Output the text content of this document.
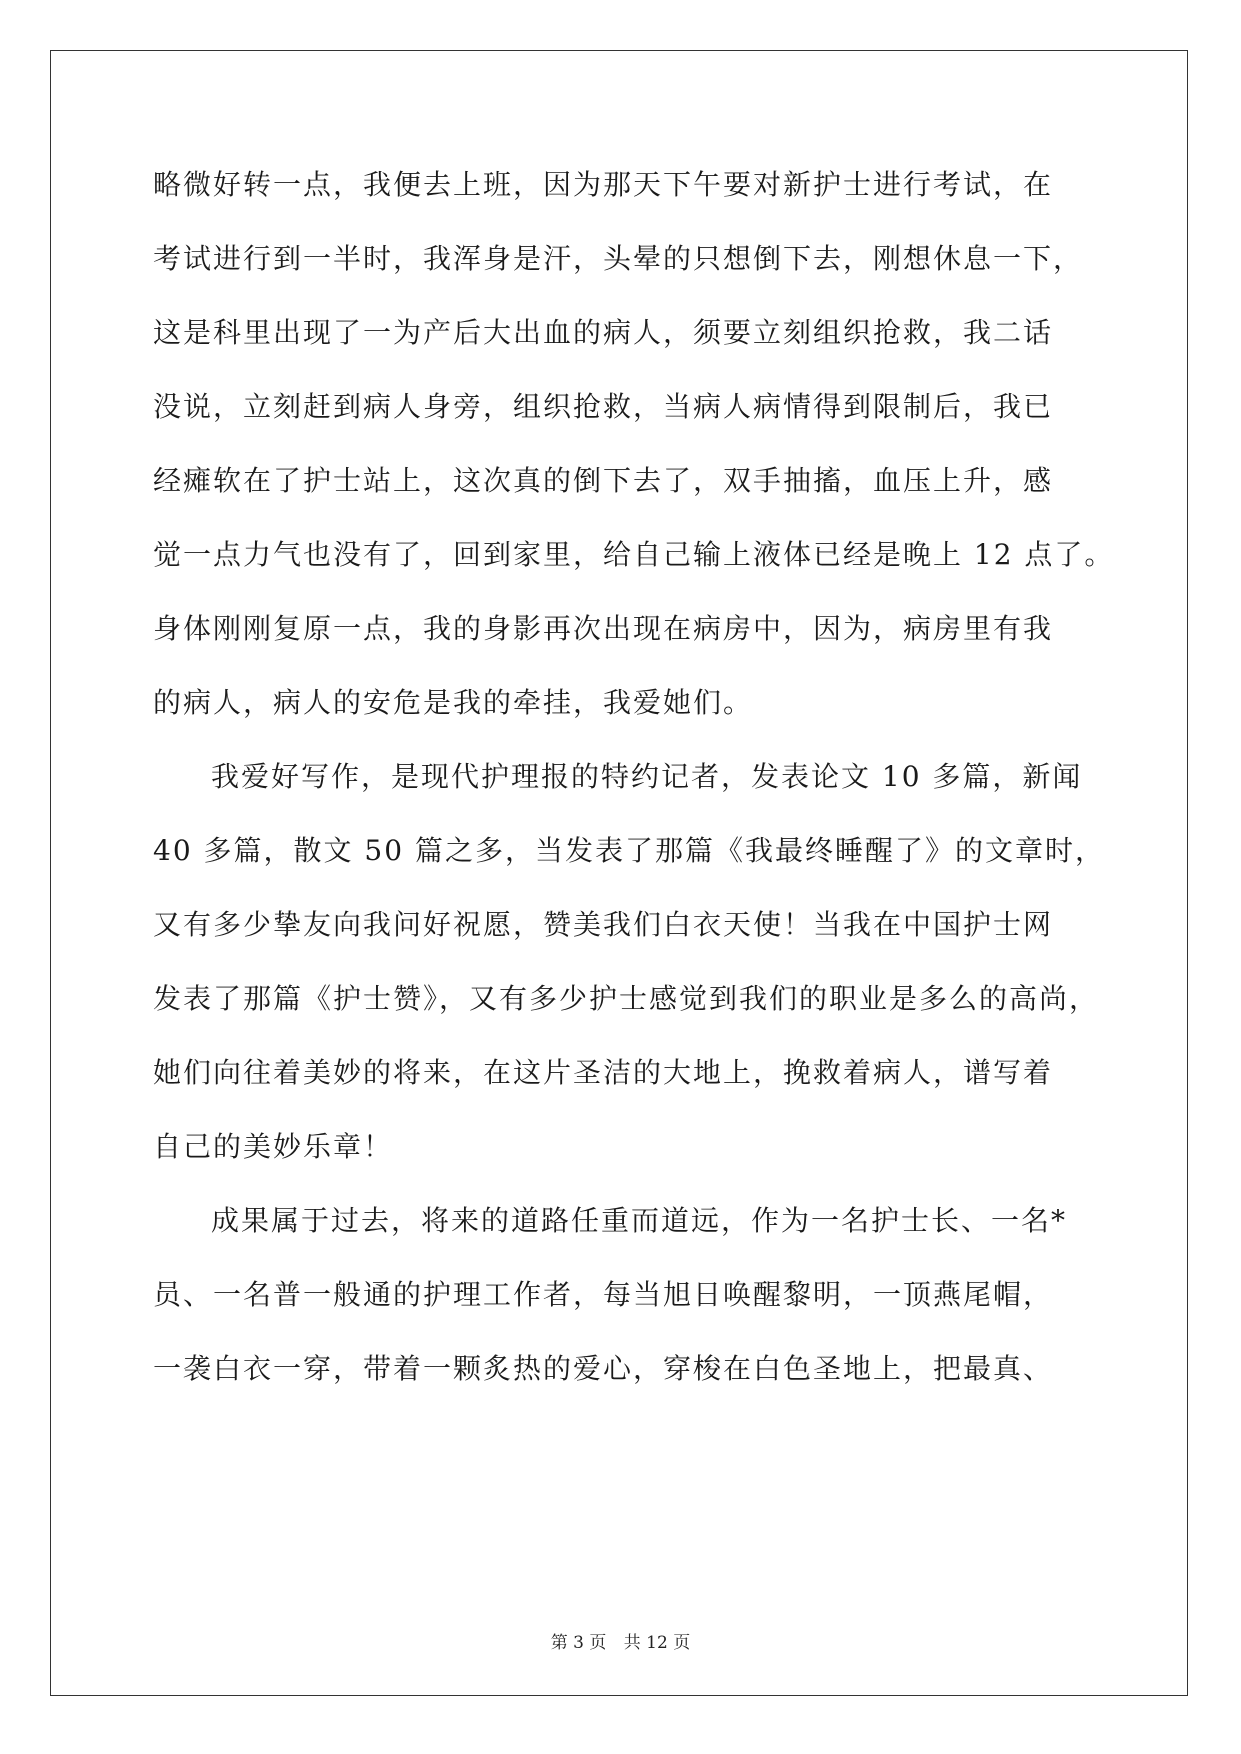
略微好转一点，我便去上班，因为那天下午要对新护士进行考试，在
考试进行到一半时，我浑身是汗，头晕的只想倒下去，刚想休息一下，
这是科里出现了一为产后大出血的病人，须要立刻组织抢救，我二话
没说，立刻赶到病人身旁，组织抢救，当病人病情得到限制后，我已
经瘫软在了护士站上，这次真的倒下去了，双手抽搐，血压上升，感
觉一点力气也没有了，回到家里，给自己输上液体已经是晚上 12 点了。
身体刚刚复原一点，我的身影再次出现在病房中，因为，病房里有我
的病人，病人的安危是我的牵挂，我爱她们。
我爱好写作，是现代护理报的特约记者，发表论文 10 多篇，新闻
40 多篇，散文 50 篇之多，当发表了那篇《我最终睡醒了》的文章时，
又有多少挚友向我问好祝愿，赞美我们白衣天使！当我在中国护士网
发表了那篇《护士赞》，又有多少护士感觉到我们的职业是多么的高尚，
她们向往着美妙的将来，在这片圣洁的大地上，挽救着病人，谱写着
自己的美妙乐章！
成果属于过去，将来的道路任重而道远，作为一名护士长、一名*
员、一名普一般通的护理工作者，每当旭日唤醒黎明，一顶燕尾帽，
一袭白衣一穿，带着一颗炙热的爱心，穿梭在白色圣地上，把最真、
第 3 页 共 12 页
